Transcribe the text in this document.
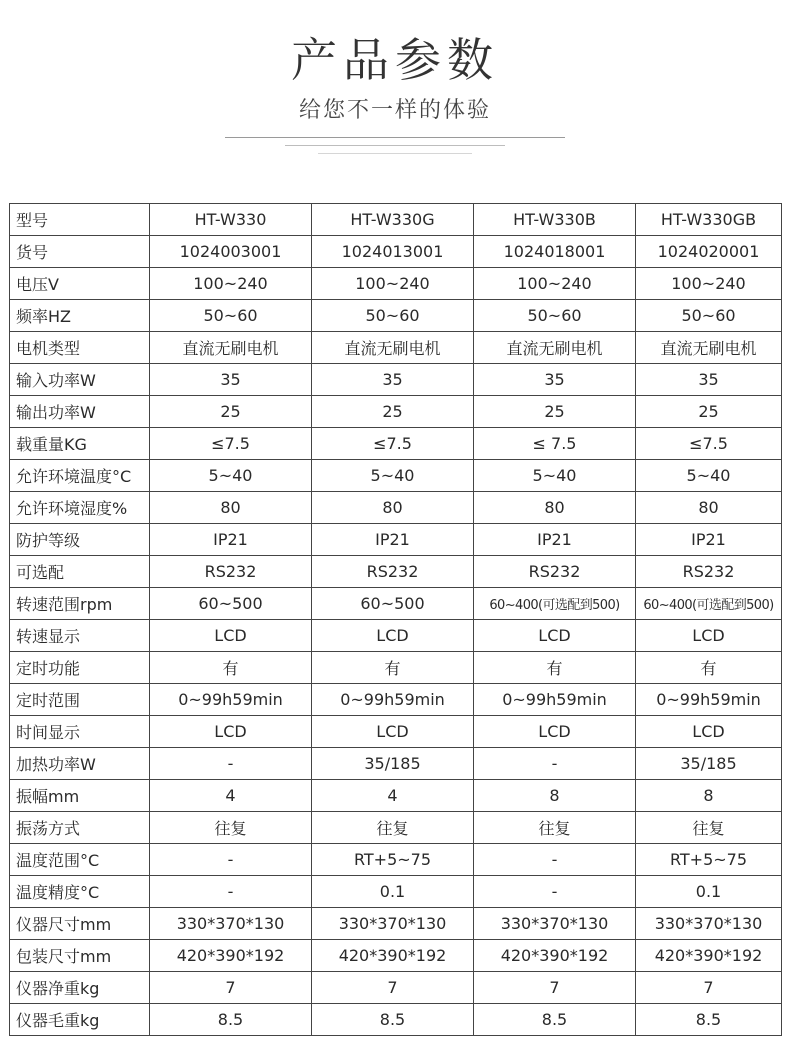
产品参数
给您不一样的体验
型号	HT-W330	HT-W330G	HT-W330B	HT-W330GB
货号	1024003001	1024013001	1024018001	1024020001
电压V	100~240	100~240	100~240	100~240
频率HZ	50~60	50~60	50~60	50~60
电机类型	直流无刷电机	直流无刷电机	直流无刷电机	直流无刷电机
输入功率W	35	35	35	35
输出功率W	25	25	25	25
载重量KG	≤7.5	≤7.5	≤ 7.5	≤7.5
允许环境温度°C	5~40	5~40	5~40	5~40
允许环境湿度%	80	80	80	80
防护等级	IP21	IP21	IP21	IP21
可选配	RS232	RS232	RS232	RS232
转速范围rpm	60~500	60~500	60~400(可选配到500)	60~400(可选配到500)
转速显示	LCD	LCD	LCD	LCD
定时功能	有	有	有	有
定时范围	0~99h59min	0~99h59min	0~99h59min	0~99h59min
时间显示	LCD	LCD	LCD	LCD
加热功率W	-	35/185	-	35/185
振幅mm	4	4	8	8
振荡方式	往复	往复	往复	往复
温度范围°C	-	RT+5~75	-	RT+5~75
温度精度°C	-	0.1	-	0.1
仪器尺寸mm	330*370*130	330*370*130	330*370*130	330*370*130
包装尺寸mm	420*390*192	420*390*192	420*390*192	420*390*192
仪器净重kg	7	7	7	7
仪器毛重kg	8.5	8.5	8.5	8.5
